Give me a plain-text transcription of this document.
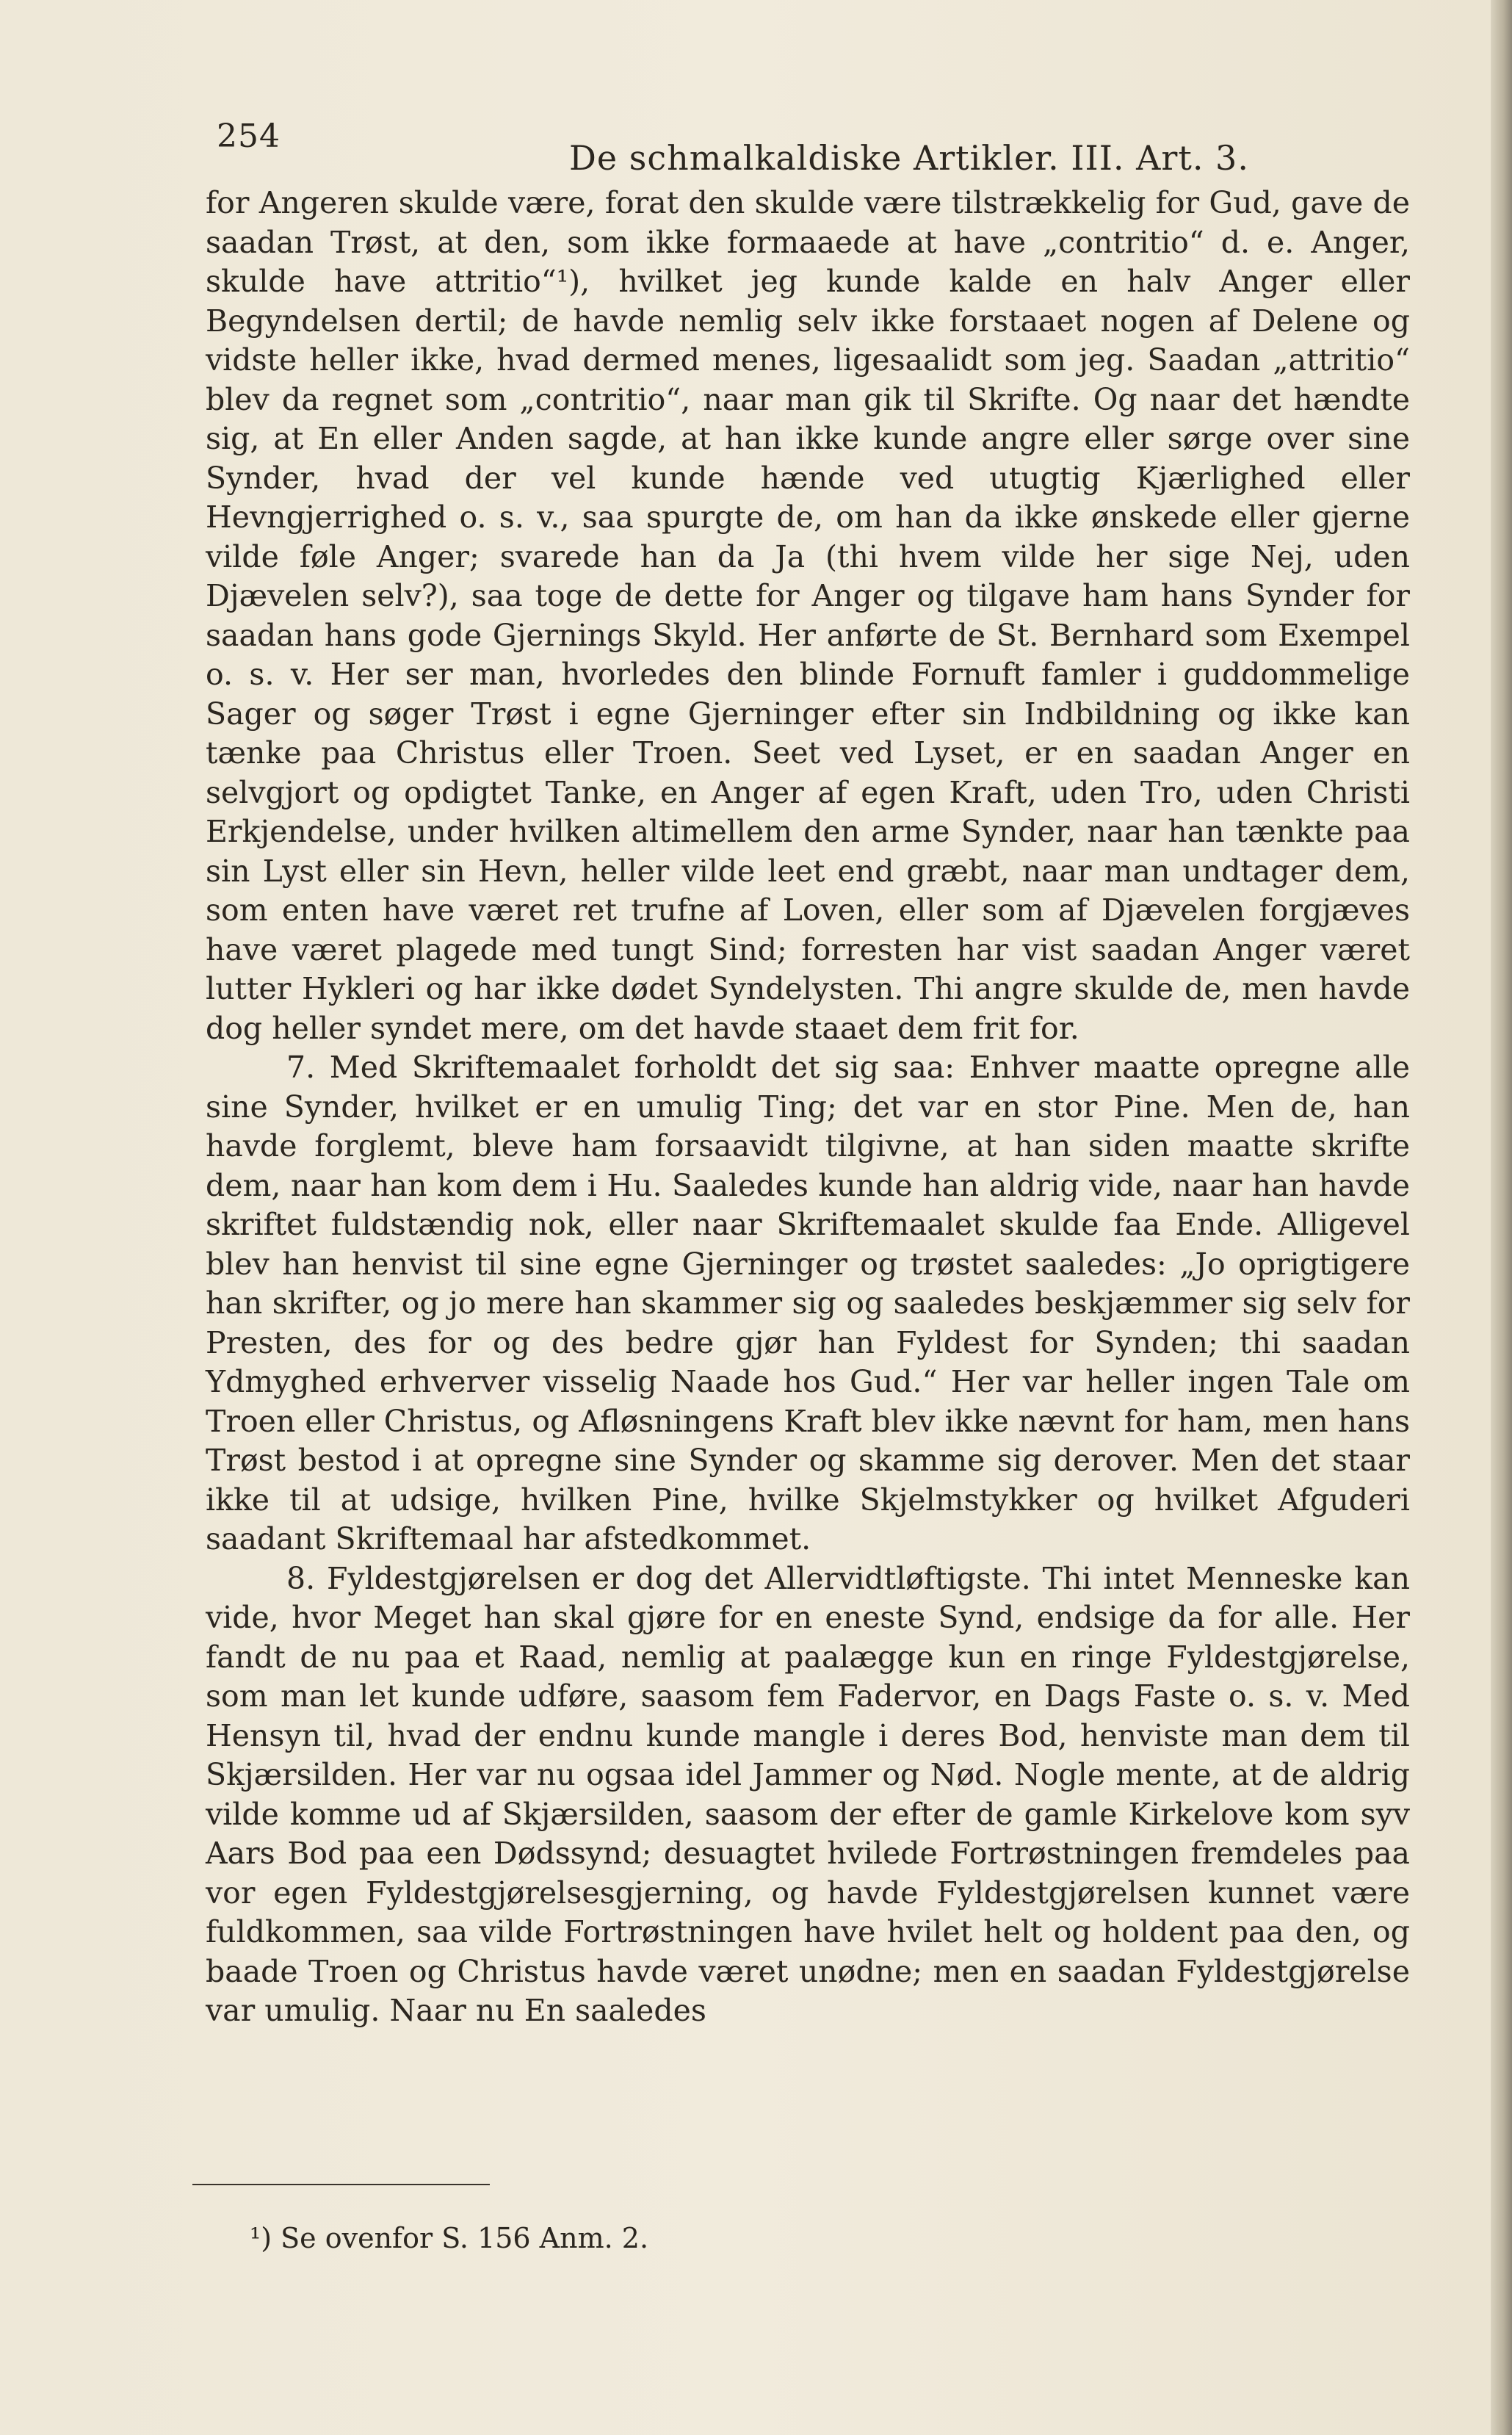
254
De schmalkaldiske Artikler. III. Art. 3.

for Angeren skulde være, forat den skulde være tilstrækkelig for Gud, gave de saadan Trøst, at den, som ikke formaaede at have „contritio“ d. e. Anger, skulde have attritio“¹), hvilket jeg kunde kalde en halv Anger eller Begyndelsen dertil; de havde nemlig selv ikke forstaaet nogen af Delene og vidste heller ikke, hvad dermed menes, ligesaalidt som jeg. Saadan „attritio“ blev da regnet som „contritio“, naar man gik til Skrifte. Og naar det hændte sig, at En eller Anden sagde, at han ikke kunde angre eller sørge over sine Synder, hvad der vel kunde hænde ved utugtig Kjærlighed eller Hevngjerrighed o. s. v., saa spurgte de, om han da ikke ønskede eller gjerne vilde føle Anger; svarede han da Ja (thi hvem vilde her sige Nej, uden Djævelen selv?), saa toge de dette for Anger og tilgave ham hans Synder for saadan hans gode Gjernings Skyld. Her anførte de St. Bernhard som Exempel o. s. v. Her ser man, hvorledes den blinde Fornuft famler i guddommelige Sager og søger Trøst i egne Gjerninger efter sin Indbildning og ikke kan tænke paa Christus eller Troen. Seet ved Lyset, er en saadan Anger en selvgjort og opdigtet Tanke, en Anger af egen Kraft, uden Tro, uden Christi Erkjendelse, under hvilken altimellem den arme Synder, naar han tænkte paa sin Lyst eller sin Hevn, heller vilde leet end græbt, naar man undtager dem, som enten have været ret trufne af Loven, eller som af Djævelen forgjæves have været plagede med tungt Sind; forresten har vist saadan Anger været lutter Hykleri og har ikke dødet Syndelysten. Thi angre skulde de, men havde dog heller syndet mere, om det havde staaet dem frit for.

7. Med Skriftemaalet forholdt det sig saa: Enhver maatte opregne alle sine Synder, hvilket er en umulig Ting; det var en stor Pine. Men de, han havde forglemt, bleve ham forsaavidt tilgivne, at han siden maatte skrifte dem, naar han kom dem i Hu. Saaledes kunde han aldrig vide, naar han havde skriftet fuldstændig nok, eller naar Skriftemaalet skulde faa Ende. Alligevel blev han henvist til sine egne Gjerninger og trøstet saaledes: „Jo oprigtigere han skrifter, og jo mere han skammer sig og saaledes beskjæmmer sig selv for Presten, des for og des bedre gjør han Fyldest for Synden; thi saadan Ydmyghed erhverver visselig Naade hos Gud.“ Her var heller ingen Tale om Troen eller Christus, og Afløsningens Kraft blev ikke nævnt for ham, men hans Trøst bestod i at opregne sine Synder og skamme sig derover. Men det staar ikke til at udsige, hvilken Pine, hvilke Skjelmstykker og hvilket Afguderi saadant Skriftemaal har afstedkommet.

8. Fyldestgjørelsen er dog det Allervidtløftigste. Thi intet Menneske kan vide, hvor Meget han skal gjøre for en eneste Synd, endsige da for alle. Her fandt de nu paa et Raad, nemlig at paalægge kun en ringe Fyldestgjørelse, som man let kunde udføre, saasom fem Fadervor, en Dags Faste o. s. v. Med Hensyn til, hvad der endnu kunde mangle i deres Bod, henviste man dem til Skjærsilden. Her var nu ogsaa idel Jammer og Nød. Nogle mente, at de aldrig vilde komme ud af Skjærsilden, saasom der efter de gamle Kirkelove kom syv Aars Bod paa een Dødssynd; desuagtet hvilede Fortrøstningen fremdeles paa vor egen Fyldestgjørelsesgjerning, og havde Fyldestgjørelsen kunnet være fuldkommen, saa vilde Fortrøstningen have hvilet helt og holdent paa den, og baade Troen og Christus havde været unødne; men en saadan Fyldestgjørelse var umulig. Naar nu En saaledes

¹) Se ovenfor S. 156 Anm. 2.
